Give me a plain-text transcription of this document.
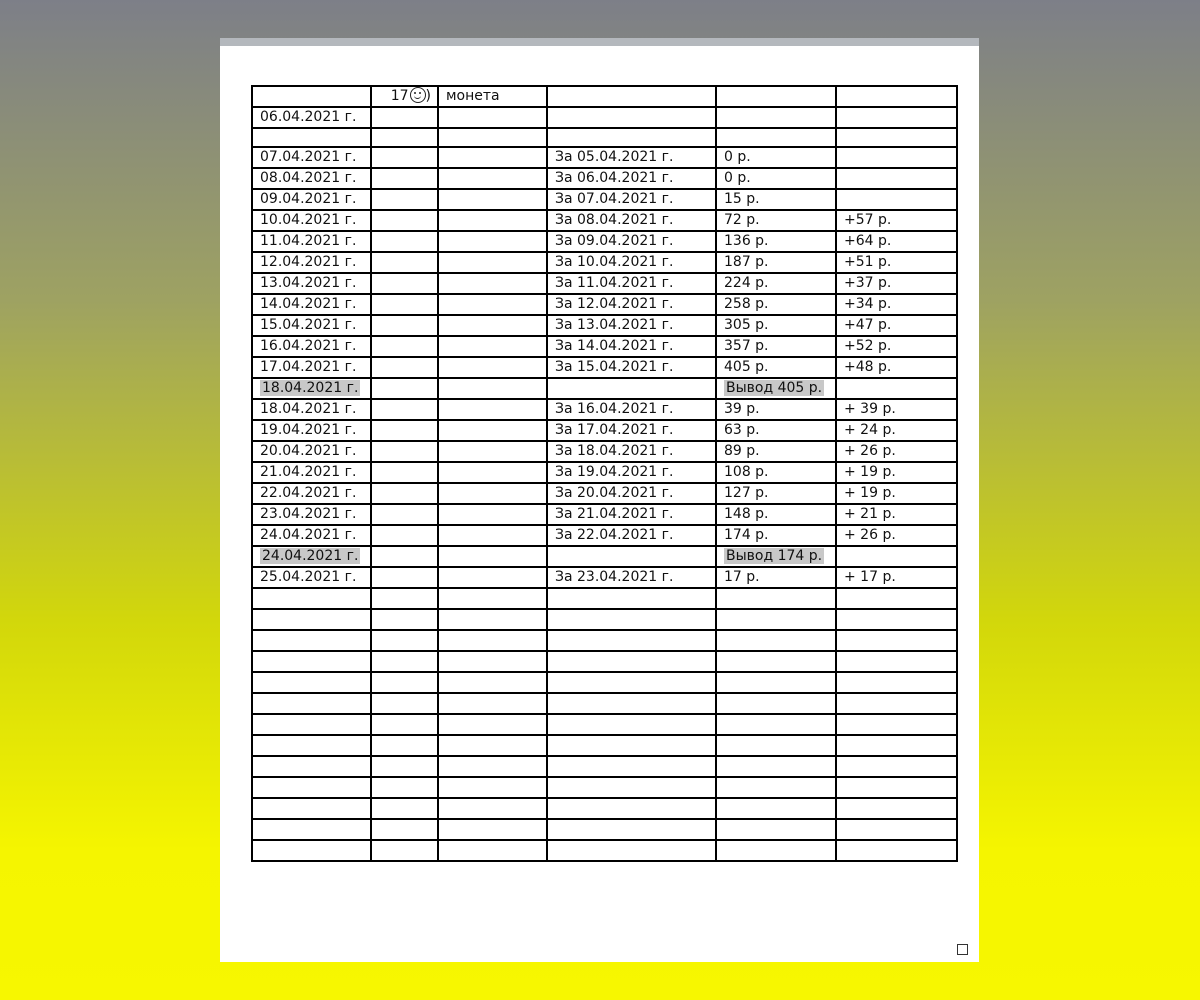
	17 )	монета			
06.04.2021 г.					

07.04.2021 г.			За 05.04.2021 г.	0 р.	
08.04.2021 г.			За 06.04.2021 г.	0 р.	
09.04.2021 г.			За 07.04.2021 г.	15 р.	
10.04.2021 г.			За 08.04.2021 г.	72 р.	+57 р.
11.04.2021 г.			За 09.04.2021 г.	136 р.	+64 р.
12.04.2021 г.			За 10.04.2021 г.	187 р.	+51 р.
13.04.2021 г.			За 11.04.2021 г.	224 р.	+37 р.
14.04.2021 г.			За 12.04.2021 г.	258 р.	+34 р.
15.04.2021 г.			За 13.04.2021 г.	305 р.	+47 р.
16.04.2021 г.			За 14.04.2021 г.	357 р.	+52 р.
17.04.2021 г.			За 15.04.2021 г.	405 р.	+48 р.
18.04.2021 г.				Вывод 405 р.	
18.04.2021 г.			За 16.04.2021 г.	39 р.	+ 39 р.
19.04.2021 г.			За 17.04.2021 г.	63 р.	+ 24 р.
20.04.2021 г.			За 18.04.2021 г.	89 р.	+ 26 р.
21.04.2021 г.			За 19.04.2021 г.	108 р.	+ 19 р.
22.04.2021 г.			За 20.04.2021 г.	127 р.	+ 19 р.
23.04.2021 г.			За 21.04.2021 г.	148 р.	+ 21 р.
24.04.2021 г.			За 22.04.2021 г.	174 р.	+ 26 р.
24.04.2021 г.				Вывод 174 р.	
25.04.2021 г.			За 23.04.2021 г.	17 р.	+ 17 р.
